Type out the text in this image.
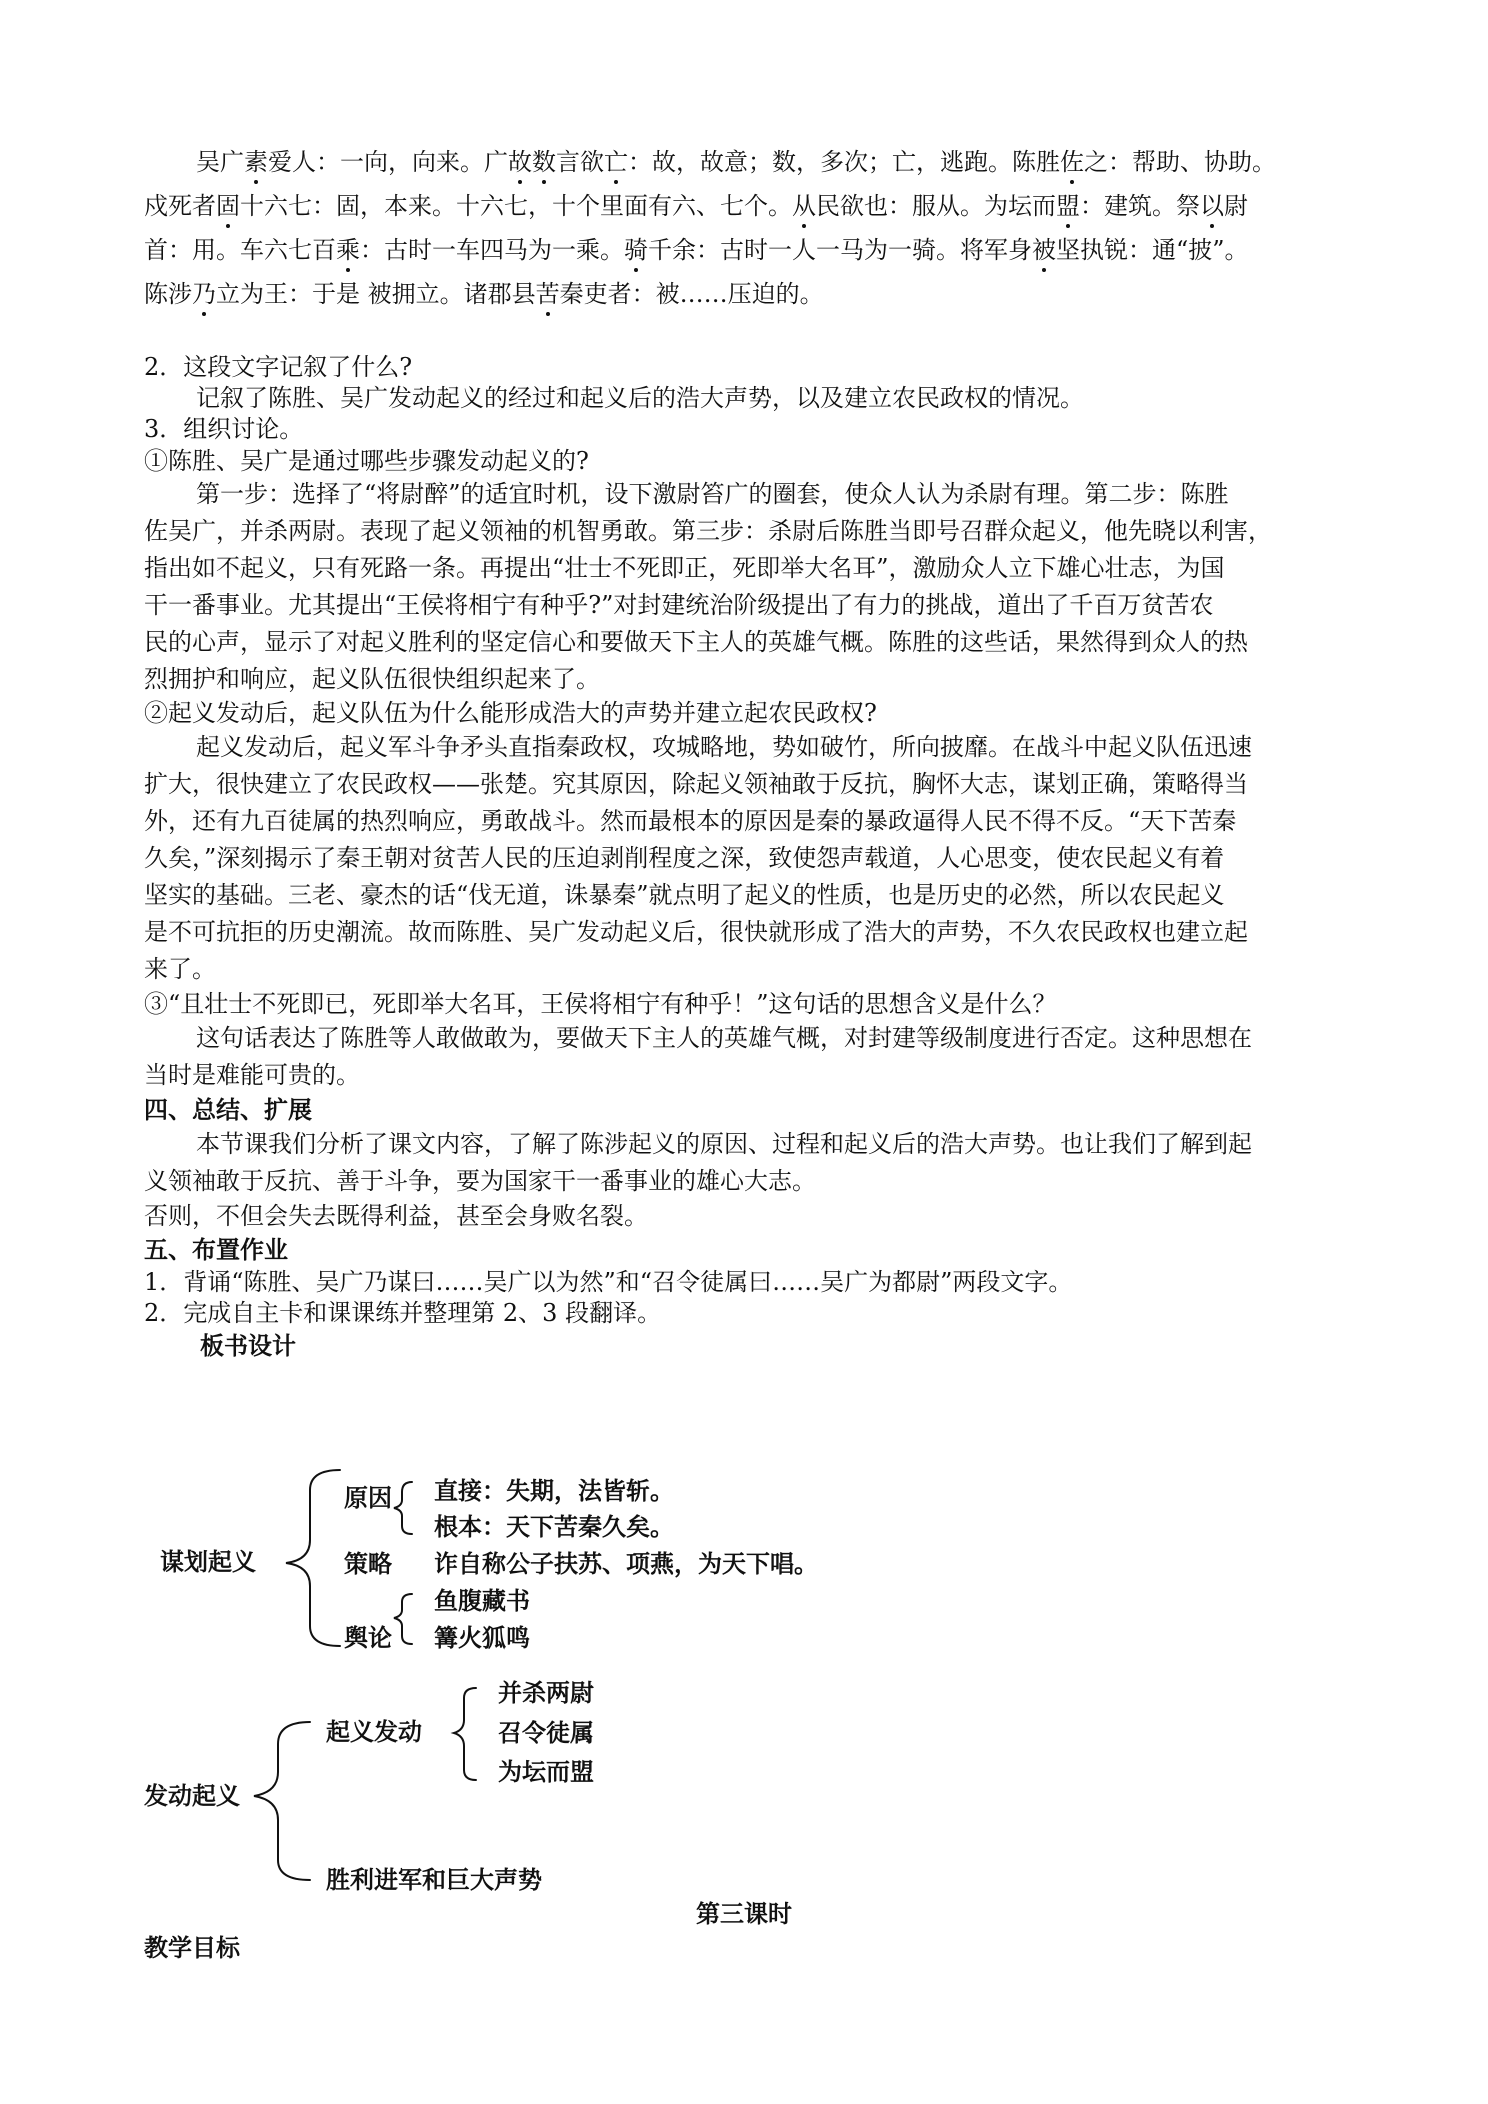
吴广素爱人：一向，向来。广故数言欲亡：故，故意；数，多次；亡，逃跑。陈胜佐之：帮助、协助。
戍死者固十六七：固，本来。十六七，十个里面有六、七个。从民欲也：服从。为坛而盟：建筑。祭以尉
首：用。车六七百乘：古时一车四马为一乘。骑千余：古时一人一马为一骑。将军身被坚执锐：通“披”。
陈涉乃立为王：于是 被拥立。诸郡县苦秦吏者：被……压迫的。
2．这段文字记叙了什么?
记叙了陈胜、吴广发动起义的经过和起义后的浩大声势，以及建立农民政权的情况。
3．组织讨论。
①陈胜、吴广是通过哪些步骤发动起义的?
第一步：选择了“将尉醉”的适宜时机，设下激尉笞广的圈套，使众人认为杀尉有理。第二步：陈胜
佐吴广，并杀两尉。表现了起义领袖的机智勇敢。第三步：杀尉后陈胜当即号召群众起义，他先晓以利害，
指出如不起义，只有死路一条。再提出“壮士不死即正，死即举大名耳”，激励众人立下雄心壮志，为国
干一番事业。尤其提出“王侯将相宁有种乎?”对封建统治阶级提出了有力的挑战，道出了千百万贫苦农
民的心声，显示了对起义胜利的坚定信心和要做天下主人的英雄气概。陈胜的这些话，果然得到众人的热
烈拥护和响应，起义队伍很快组织起来了。
②起义发动后，起义队伍为什么能形成浩大的声势并建立起农民政权?
起义发动后，起义军斗争矛头直指秦政权，攻城略地，势如破竹，所向披靡。在战斗中起义队伍迅速
扩大，很快建立了农民政权——张楚。究其原因，除起义领袖敢于反抗，胸怀大志，谋划正确，策略得当
外，还有九百徒属的热烈响应，勇敢战斗。然而最根本的原因是秦的暴政逼得人民不得不反。“天下苦秦
久矣，”深刻揭示了秦王朝对贫苦人民的压迫剥削程度之深，致使怨声载道，人心思变，使农民起义有着
坚实的基础。三老、豪杰的话“伐无道，诛暴秦”就点明了起义的性质，也是历史的必然，所以农民起义
是不可抗拒的历史潮流。故而陈胜、吴广发动起义后，很快就形成了浩大的声势，不久农民政权也建立起
来了。
③“且壮士不死即已，死即举大名耳，王侯将相宁有种乎！”这句话的思想含义是什么？
这句话表达了陈胜等人敢做敢为，要做天下主人的英雄气概，对封建等级制度进行否定。这种思想在
当时是难能可贵的。
四、总结、扩展
本节课我们分析了课文内容，了解了陈涉起义的原因、过程和起义后的浩大声势。也让我们了解到起
义领袖敢于反抗、善于斗争，要为国家干一番事业的雄心大志。
否则，不但会失去既得利益，甚至会身败名裂。
五、布置作业
1．背诵“陈胜、吴广乃谋曰……吴广以为然”和“召令徒属曰……吴广为都尉”两段文字。
2．完成自主卡和课课练并整理第 2、3 段翻译。
板书设计
谋划起义
原因 直接：失期，法皆斩。
根本：天下苦秦久矣。
策略 诈自称公子扶苏、项燕，为天下唱。
鱼腹藏书
舆论 篝火狐鸣
发动起义
起义发动
并杀两尉
召令徒属
为坛而盟
胜利进军和巨大声势
第三课时
教学目标
